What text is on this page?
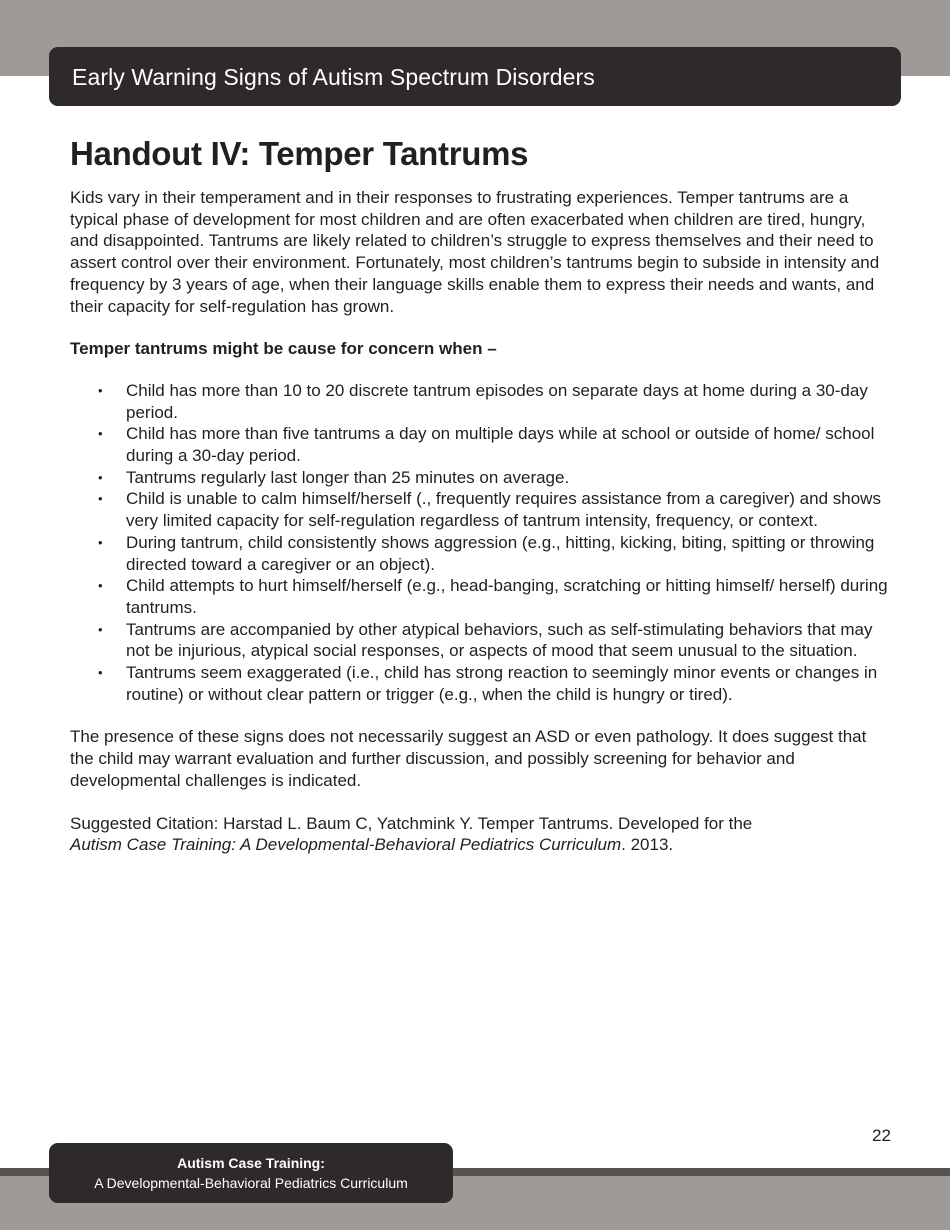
Early Warning Signs of Autism Spectrum Disorders
Handout IV: Temper Tantrums

Kids vary in their temperament and in their responses to frustrating experiences. Temper tantrums are a typical phase of development for most children and are often exacerbated when children are tired, hungry, and disappointed. Tantrums are likely related to children’s struggle to express themselves and their need to assert control over their environment. Fortunately, most children’s tantrums begin to subside in intensity and frequency by 3 years of age, when their language skills enable them to express their needs and wants, and their capacity for self-regulation has grown.

Temper tantrums might be cause for concern when –

• Child has more than 10 to 20 discrete tantrum episodes on separate days at home during a 30-day period.
• Child has more than five tantrums a day on multiple days while at school or outside of home/ school during a 30-day period.
• Tantrums regularly last longer than 25 minutes on average.
• Child is unable to calm himself/herself (., frequently requires assistance from a caregiver) and shows very limited capacity for self-regulation regardless of tantrum intensity, frequency, or context.
• During tantrum, child consistently shows aggression (e.g., hitting, kicking, biting, spitting or throwing directed toward a caregiver or an object).
• Child attempts to hurt himself/herself (e.g., head-banging, scratching or hitting himself/ herself) during tantrums.
• Tantrums are accompanied by other atypical behaviors, such as self-stimulating behaviors that may not be injurious, atypical social responses, or aspects of mood that seem unusual to the situation.
• Tantrums seem exaggerated (i.e., child has strong reaction to seemingly minor events or changes in routine) or without clear pattern or trigger (e.g., when the child is hungry or tired).

The presence of these signs does not necessarily suggest an ASD or even pathology. It does suggest that the child may warrant evaluation and further discussion, and possibly screening for behavior and developmental challenges is indicated.

Suggested Citation: Harstad L. Baum C, Yatchmink Y. Temper Tantrums. Developed for the
Autism Case Training: A Developmental-Behavioral Pediatrics Curriculum. 2013.

22
Autism Case Training:
A Developmental-Behavioral Pediatrics Curriculum
